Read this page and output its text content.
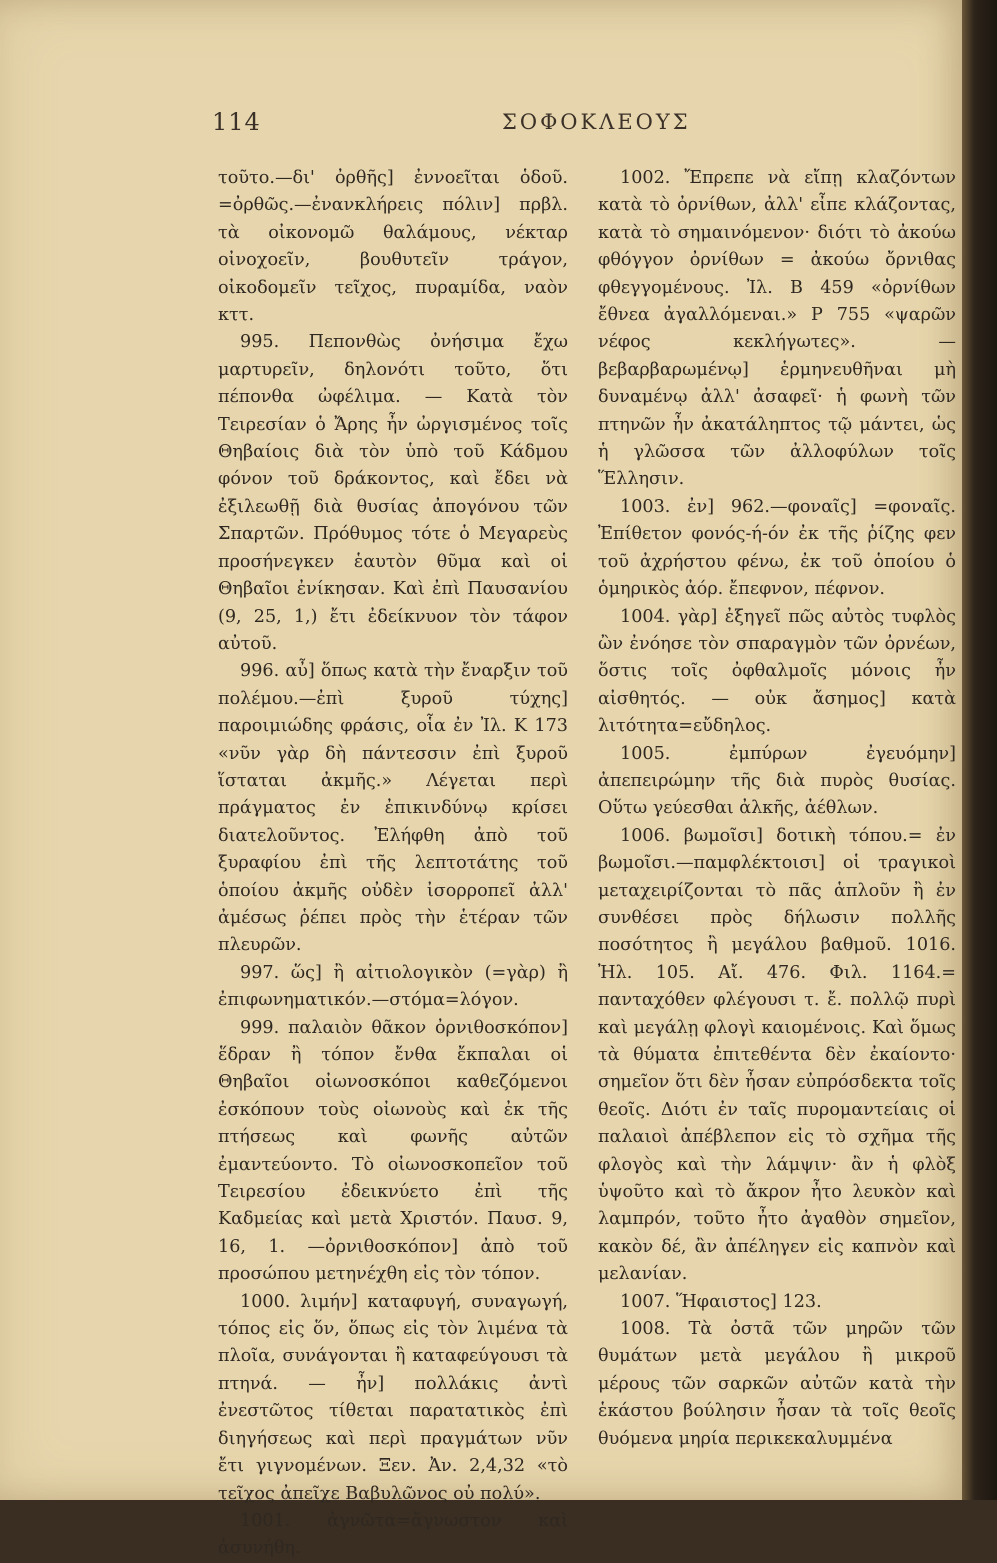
114	ΣΟΦΟΚΛΕΟΥΣ

τοῦτο.—δι' ὀρθῆς] ἐννοεῖται ὁδοῦ. =ὀρθῶς.—ἐνανκλήρεις πόλιν] πρβλ. τὰ οἰκονομῶ θαλάμους, νέκταρ οἰνοχοεῖν, βουθυτεῖν τράγον, οἰκοδομεῖν τεῖχος, πυραμίδα, ναὸν κττ.

995. Πεπονθὼς ὀνήσιμα ἔχω μαρτυρεῖν, δηλονότι τοῦτο, ὅτι πέπονθα ὠφέλιμα. — Κατὰ τὸν Τειρεσίαν ὁ Ἄρης ἦν ὠργισμένος τοῖς Θηβαίοις διὰ τὸν ὑπὸ τοῦ Κάδμου φόνον τοῦ δράκοντος, καὶ ἔδει νὰ ἐξιλεωθῇ διὰ θυσίας ἀπογόνου τῶν Σπαρτῶν. Πρόθυμος τότε ὁ Μεγαρεὺς προσήνεγκεν ἑαυτὸν θῦμα καὶ οἱ Θηβαῖοι ἐνίκησαν. Καὶ ἐπὶ Παυσανίου (9, 25, 1,) ἔτι ἐδείκνυον τὸν τάφον αὐτοῦ.

996. αὖ] ὅπως κατὰ τὴν ἔναρξιν τοῦ πολέμου.—ἐπὶ ξυροῦ τύχης] παροιμιώδης φράσις, οἷα ἐν Ἰλ. Κ 173 «νῦν γὰρ δὴ πάντεσσιν ἐπὶ ξυροῦ ἵσταται ἀκμῆς.» Λέγεται περὶ πράγματος ἐν ἐπικινδύνῳ κρίσει διατελοῦντος. Ἐλήφθη ἀπὸ τοῦ ξυραφίου ἐπὶ τῆς λεπτοτάτης τοῦ ὁποίου ἀκμῆς οὐδὲν ἰσορροπεῖ ἀλλ' ἀμέσως ῥέπει πρὸς τὴν ἑτέραν τῶν πλευρῶν.

997. ὥς] ἢ αἰτιολογικὸν (=γὰρ) ἢ ἐπιφωνηματικόν.—στόμα=λόγον.

999. παλαιὸν θᾶκον ὀρνιθοσκόπον] ἕδραν ἢ τόπον ἔνθα ἔκπαλαι οἱ Θηβαῖοι οἰωνοσκόποι καθεζόμενοι ἐσκόπουν τοὺς οἰωνοὺς καὶ ἐκ τῆς πτήσεως καὶ φωνῆς αὐτῶν ἐμαντεύοντο. Τὸ οἰωνοσκοπεῖον τοῦ Τειρεσίου ἐδεικνύετο ἐπὶ τῆς Καδμείας καὶ μετὰ Χριστόν. Παυσ. 9, 16, 1. —ὀρνιθοσκόπον] ἀπὸ τοῦ προσώπου μετηνέχθη εἰς τὸν τόπον.

1000. λιμήν] καταφυγή, συναγωγή, τόπος εἰς ὅν, ὅπως εἰς τὸν λιμένα τὰ πλοῖα, συνάγονται ἢ καταφεύγουσι τὰ πτηνά. — ἦν] πολλάκις ἀντὶ ἐνεστῶτος τίθεται παρατατικὸς ἐπὶ διηγήσεως καὶ περὶ πραγμάτων νῦν ἔτι γιγνομένων. Ξεν. Ἀν. 2,4,32 «τὸ τεῖχος ἀπεῖχε Βαβυλῶνος οὐ πολύ».

1001. ἀγνῶτα=ἄγνωστον καὶ ἀσυνήθη.

1002. Ἔπρεπε νὰ εἴπῃ κλαζόντων κατὰ τὸ ὀρνίθων, ἀλλ' εἶπε κλάζοντας, κατὰ τὸ σημαινόμενον· διότι τὸ ἀκούω φθόγγον ὀρνίθων = ἀκούω ὄρνιθας φθεγγομένους. Ἰλ. Β 459 «ὀρνίθων ἔθνεα ἀγαλλόμεναι.» Ρ 755 «ψαρῶν νέφος κεκλήγωτες». — βεβαρβαρωμένῳ] ἑρμηνευθῆναι μὴ δυναμένῳ ἀλλ' ἀσαφεῖ· ἡ φωνὴ τῶν πτηνῶν ἦν ἀκατάληπτος τῷ μάντει, ὡς ἡ γλῶσσα τῶν ἀλλοφύλων τοῖς Ἕλλησιν.

1003. ἐν] 962.—φοναῖς] =φοναῖς. Ἐπίθετον φονός-ή-όν ἐκ τῆς ῥίζης φεν τοῦ ἀχρήστου φένω, ἐκ τοῦ ὁποίου ὁ ὁμηρικὸς ἀόρ. ἔπεφνον, πέφνον.

1004. γὰρ] ἐξηγεῖ πῶς αὐτὸς τυφλὸς ὢν ἐνόησε τὸν σπαραγμὸν τῶν ὀρνέων, ὅστις τοῖς ὀφθαλμοῖς μόνοις ἦν αἰσθητός. — οὐκ ἄσημος] κατὰ λιτότητα=εὔδηλος.

1005. ἐμπύρων ἐγευόμην] ἀπεπειρώμην τῆς διὰ πυρὸς θυσίας. Οὕτω γεύεσθαι ἀλκῆς, ἀέθλων.

1006. βωμοῖσι] δοτικὴ τόπου.= ἐν βωμοῖσι.—παμφλέκτοισι] οἱ τραγικοὶ μεταχειρίζονται τὸ πᾶς ἁπλοῦν ἢ ἐν συνθέσει πρὸς δήλωσιν πολλῆς ποσότητος ἢ μεγάλου βαθμοῦ. 1016. Ἠλ. 105. Αἴ. 476. Φιλ. 1164.= πανταχόθεν φλέγουσι τ. ἔ. πολλῷ πυρὶ καὶ μεγάλῃ φλογὶ καιομένοις. Καὶ ὅμως τὰ θύματα ἐπιτεθέντα δὲν ἐκαίοντο· σημεῖον ὅτι δὲν ἦσαν εὐπρόσδεκτα τοῖς θεοῖς. Διότι ἐν ταῖς πυρομαντείαις οἱ παλαιοὶ ἀπέβλεπον εἰς τὸ σχῆμα τῆς φλογὸς καὶ τὴν λάμψιν· ἂν ἡ φλὸξ ὑψοῦτο καὶ τὸ ἄκρον ἦτο λευκὸν καὶ λαμπρόν, τοῦτο ἦτο ἀγαθὸν σημεῖον, κακὸν δέ, ἂν ἀπέληγεν εἰς καπνὸν καὶ μελανίαν.

1007. Ἥφαιστος] 123.

1008. Τὰ ὀστᾶ τῶν μηρῶν τῶν θυμάτων μετὰ μεγάλου ἢ μικροῦ μέρους τῶν σαρκῶν αὐτῶν κατὰ τὴν ἑκάστου βούλησιν ἦσαν τὰ τοῖς θεοῖς θυόμενα μηρία περικεκαλυμμένα
